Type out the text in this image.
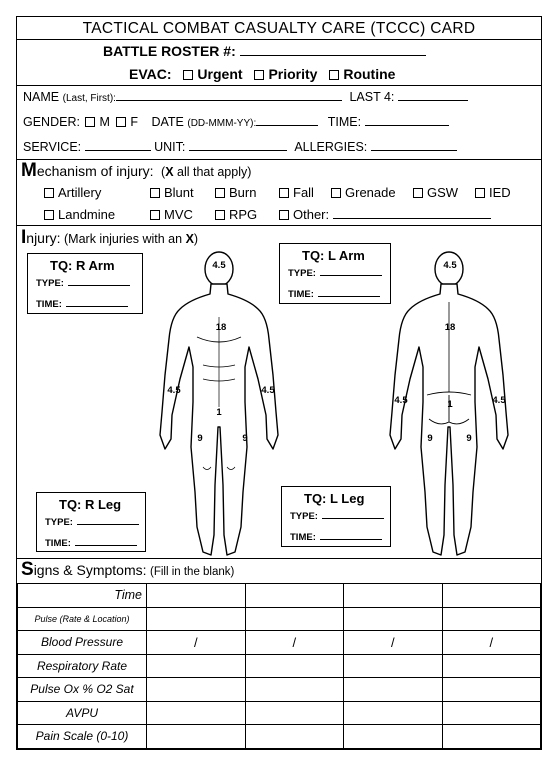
TACTICAL COMBAT CASUALTY CARE (TCCC) CARD
BATTLE ROSTER #:
EVAC: Urgent Priority Routine
NAME (Last, First):	LAST 4:
GENDER: M F DATE (DD-MMM-YY):	TIME:
SERVICE:	UNIT:	ALLERGIES:
Mechanism of injury: (X all that apply)
Artillery	Blunt	Burn	Fall	Grenade	GSW	IED
Landmine	MVC	RPG	Other:
Injury: (Mark injuries with an X)
4.5
18
4.5	4.5
1
9	9
4.5
18
4.5	4.5
1
9	9
TQ: R Arm
TYPE:
TIME:
TQ: L Arm
TYPE:
TIME:
TQ: R Leg
TYPE:
TIME:
TQ: L Leg
TYPE:
TIME:
Signs & Symptoms: (Fill in the blank)
Time				
Pulse (Rate & Location)				
Blood Pressure	/	/	/	/
Respiratory Rate				
Pulse Ox % O2 Sat				
AVPU				
Pain Scale (0-10)				
